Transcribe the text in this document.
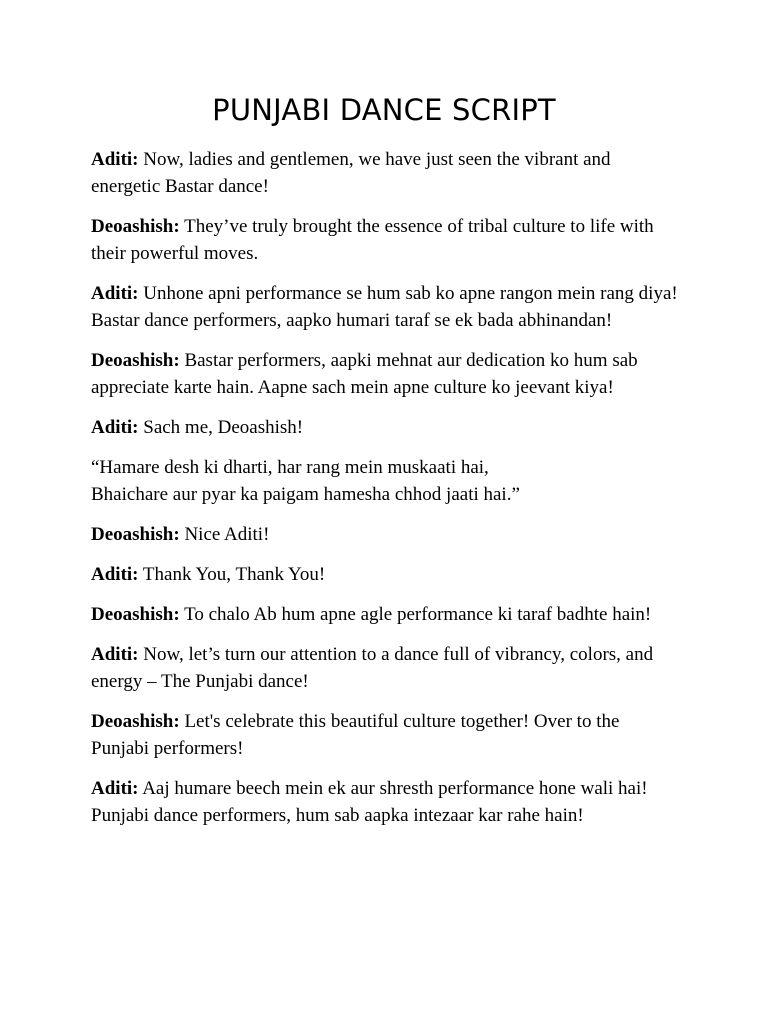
PUNJABI DANCE SCRIPT

Aditi: Now, ladies and gentlemen, we have just seen the vibrant and energetic Bastar dance!

Deoashish: They’ve truly brought the essence of tribal culture to life with their powerful moves.

Aditi: Unhone apni performance se hum sab ko apne rangon mein rang diya! Bastar dance performers, aapko humari taraf se ek bada abhinandan!

Deoashish: Bastar performers, aapki mehnat aur dedication ko hum sab appreciate karte hain. Aapne sach mein apne culture ko jeevant kiya!

Aditi: Sach me, Deoashish!

“Hamare desh ki dharti, har rang mein muskaati hai,
Bhaichare aur pyar ka paigam hamesha chhod jaati hai.”

Deoashish: Nice Aditi!

Aditi: Thank You, Thank You!

Deoashish: To chalo Ab hum apne agle performance ki taraf badhte hain!

Aditi: Now, let’s turn our attention to a dance full of vibrancy, colors, and energy – The Punjabi dance!

Deoashish: Let's celebrate this beautiful culture together! Over to the Punjabi performers!

Aditi: Aaj humare beech mein ek aur shresth performance hone wali hai! Punjabi dance performers, hum sab aapka intezaar kar rahe hain!
